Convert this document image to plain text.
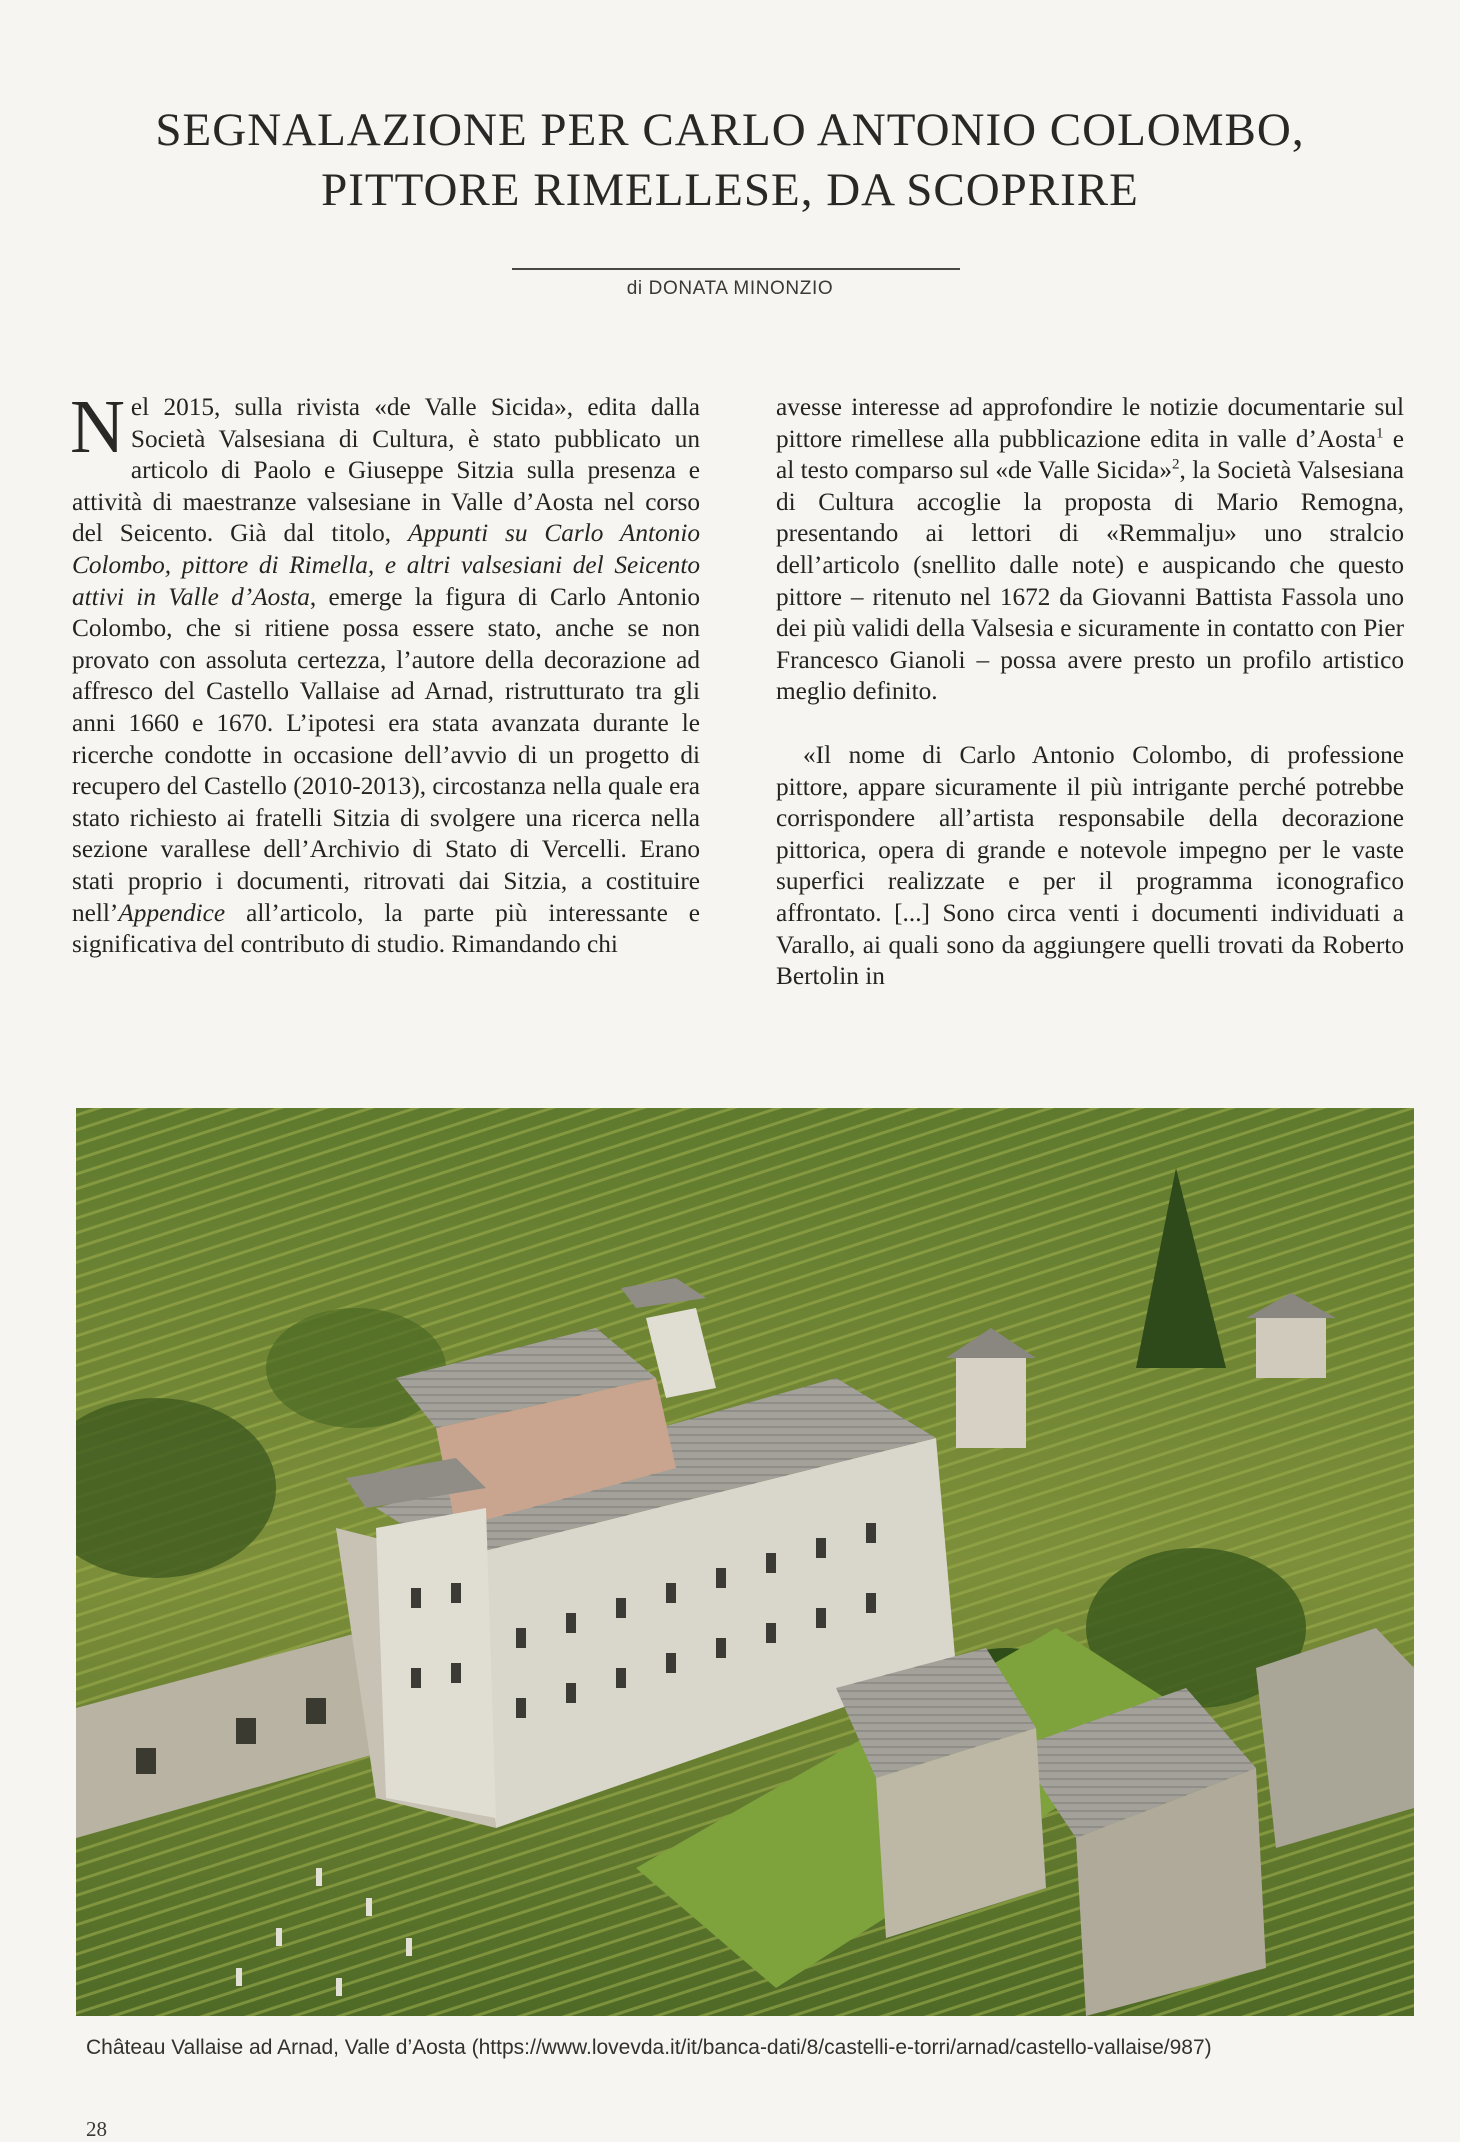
SEGNALAZIONE PER CARLO ANTONIO COLOMBO,
PITTORE RIMELLESE, DA SCOPRIRE
di DONATA MINONZIO

Nel 2015, sulla rivista «de Valle Sicida», edita dalla Società Valsesiana di Cultura, è stato pubblicato un articolo di Paolo e Giuseppe Sitzia sulla presenza e attività di maestranze valsesiane in Valle d’Aosta nel corso del Seicento. Già dal titolo, Appunti su Carlo Antonio Colombo, pittore di Rimella, e altri valsesiani del Seicento attivi in Valle d’Aosta, emerge la figura di Carlo Antonio Colombo, che si ritiene possa essere stato, anche se non provato con assoluta certezza, l’autore della decorazione ad affresco del Castello Vallaise ad Arnad, ristrutturato tra gli anni 1660 e 1670. L’ipotesi era stata avanzata durante le ricerche condotte in occasione dell’avvio di un progetto di recupero del Castello (2010-2013), circostanza nella quale era stato richiesto ai fratelli Sitzia di svolgere una ricerca nella sezione varallese dell’Archivio di Stato di Vercelli. Erano stati proprio i documenti, ritrovati dai Sitzia, a costituire nell’Appendice all’articolo, la parte più interessante e significativa del contributo di studio. Rimandando chi

avesse interesse ad approfondire le notizie documentarie sul pittore rimellese alla pubblicazione edita in valle d’Aosta$^1$ e al testo comparso sul «de Valle Sicida»$^2$, la Società Valsesiana di Cultura accoglie la proposta di Mario Remogna, presentando ai lettori di «Remmalju» uno stralcio dell’articolo (snellito dalle note) e auspicando che questo pittore – ritenuto nel 1672 da Giovanni Battista Fassola uno dei più validi della Valsesia e sicuramente in contatto con Pier Francesco Gianoli – possa avere presto un profilo artistico meglio definito.

«Il nome di Carlo Antonio Colombo, di professione pittore, appare sicuramente il più intrigante perché potrebbe corrispondere all’artista responsabile della decorazione pittorica, opera di grande e notevole impegno per le vaste superfici realizzate e per il programma iconografico affrontato. [...] Sono circa venti i documenti individuati a Varallo, ai quali sono da aggiungere quelli trovati da Roberto Bertolin in

Château Vallaise ad Arnad, Valle d’Aosta (https://www.lovevda.it/it/banca-dati/8/castelli-e-torri/arnad/castello-vallaise/987)
28
